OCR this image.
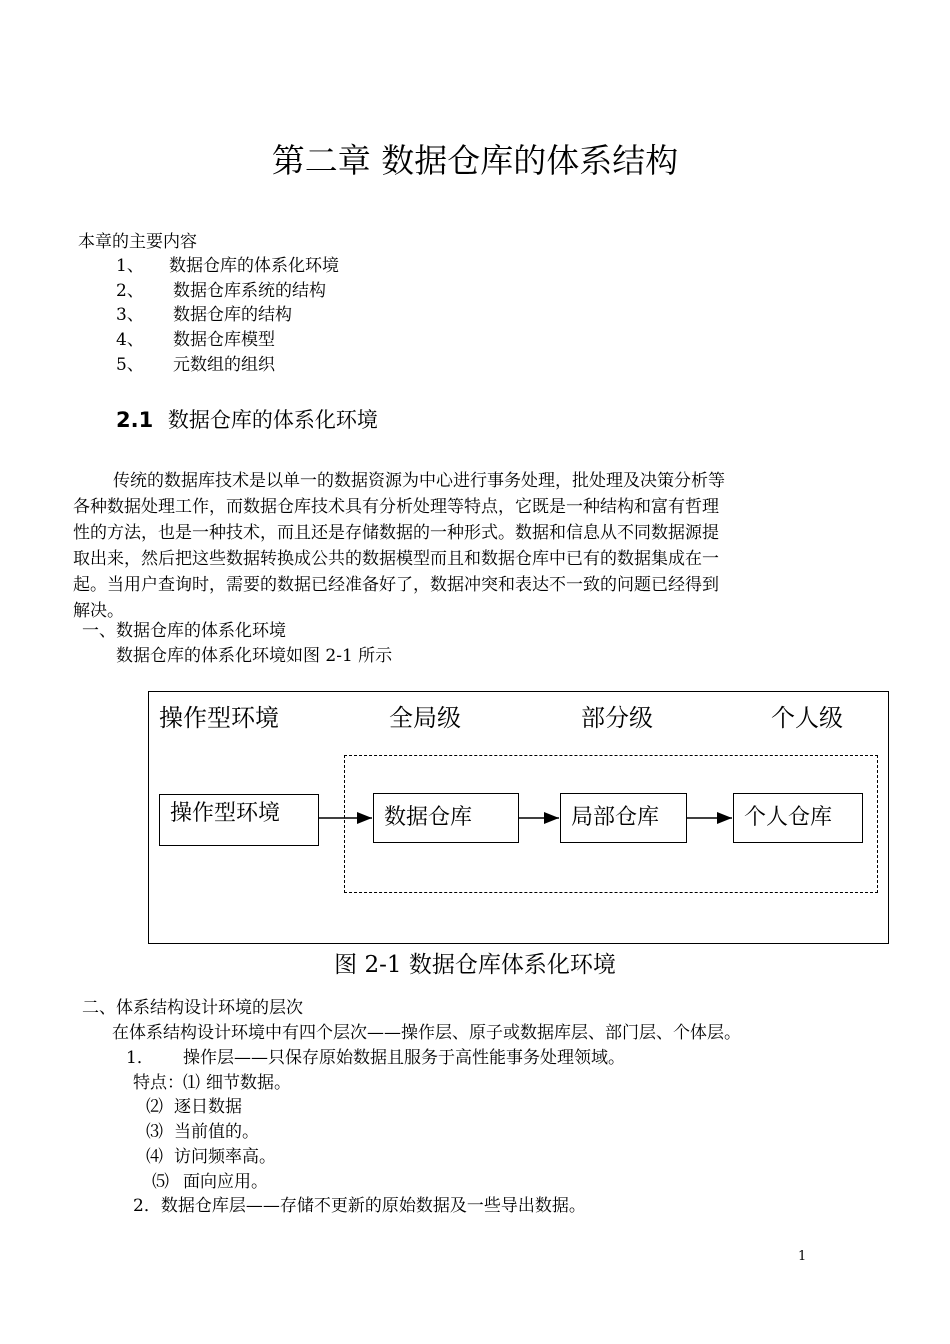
第二章 数据仓库的体系结构
本章的主要内容
1、 数据仓库的体系化环境
2、 数据仓库系统的结构
3、 数据仓库的结构
4、 数据仓库模型
5、 元数组的组织
2.1 数据仓库的体系化环境
传统的数据库技术是以单一的数据资源为中心进行事务处理，批处理及决策分析等
各种数据处理工作，而数据仓库技术具有分析处理等特点，它既是一种结构和富有哲理
性的方法，也是一种技术，而且还是存储数据的一种形式。数据和信息从不同数据源提
取出来，然后把这些数据转换成公共的数据模型而且和数据仓库中已有的数据集成在一
起。当用户查询时，需要的数据已经准备好了，数据冲突和表达不一致的问题已经得到
解决。
一、数据仓库的体系化环境
数据仓库的体系化环境如图 2-1 所示
操作型环境	全局级	部分级	个人级
操作型环境	数据仓库	局部仓库	个人仓库
图 2-1 数据仓库体系化环境
二、体系结构设计环境的层次
在体系结构设计环境中有四个层次——操作层、原子或数据库层、部门层、个体层。
1． 操作层——只保存原始数据且服务于高性能事务处理领域。
特点： ⑴ 细节数据。
⑵ 逐日数据
⑶ 当前值的。
⑷ 访问频率高。
⑸ 面向应用。
2．数据仓库层——存储不更新的原始数据及一些导出数据。
1
